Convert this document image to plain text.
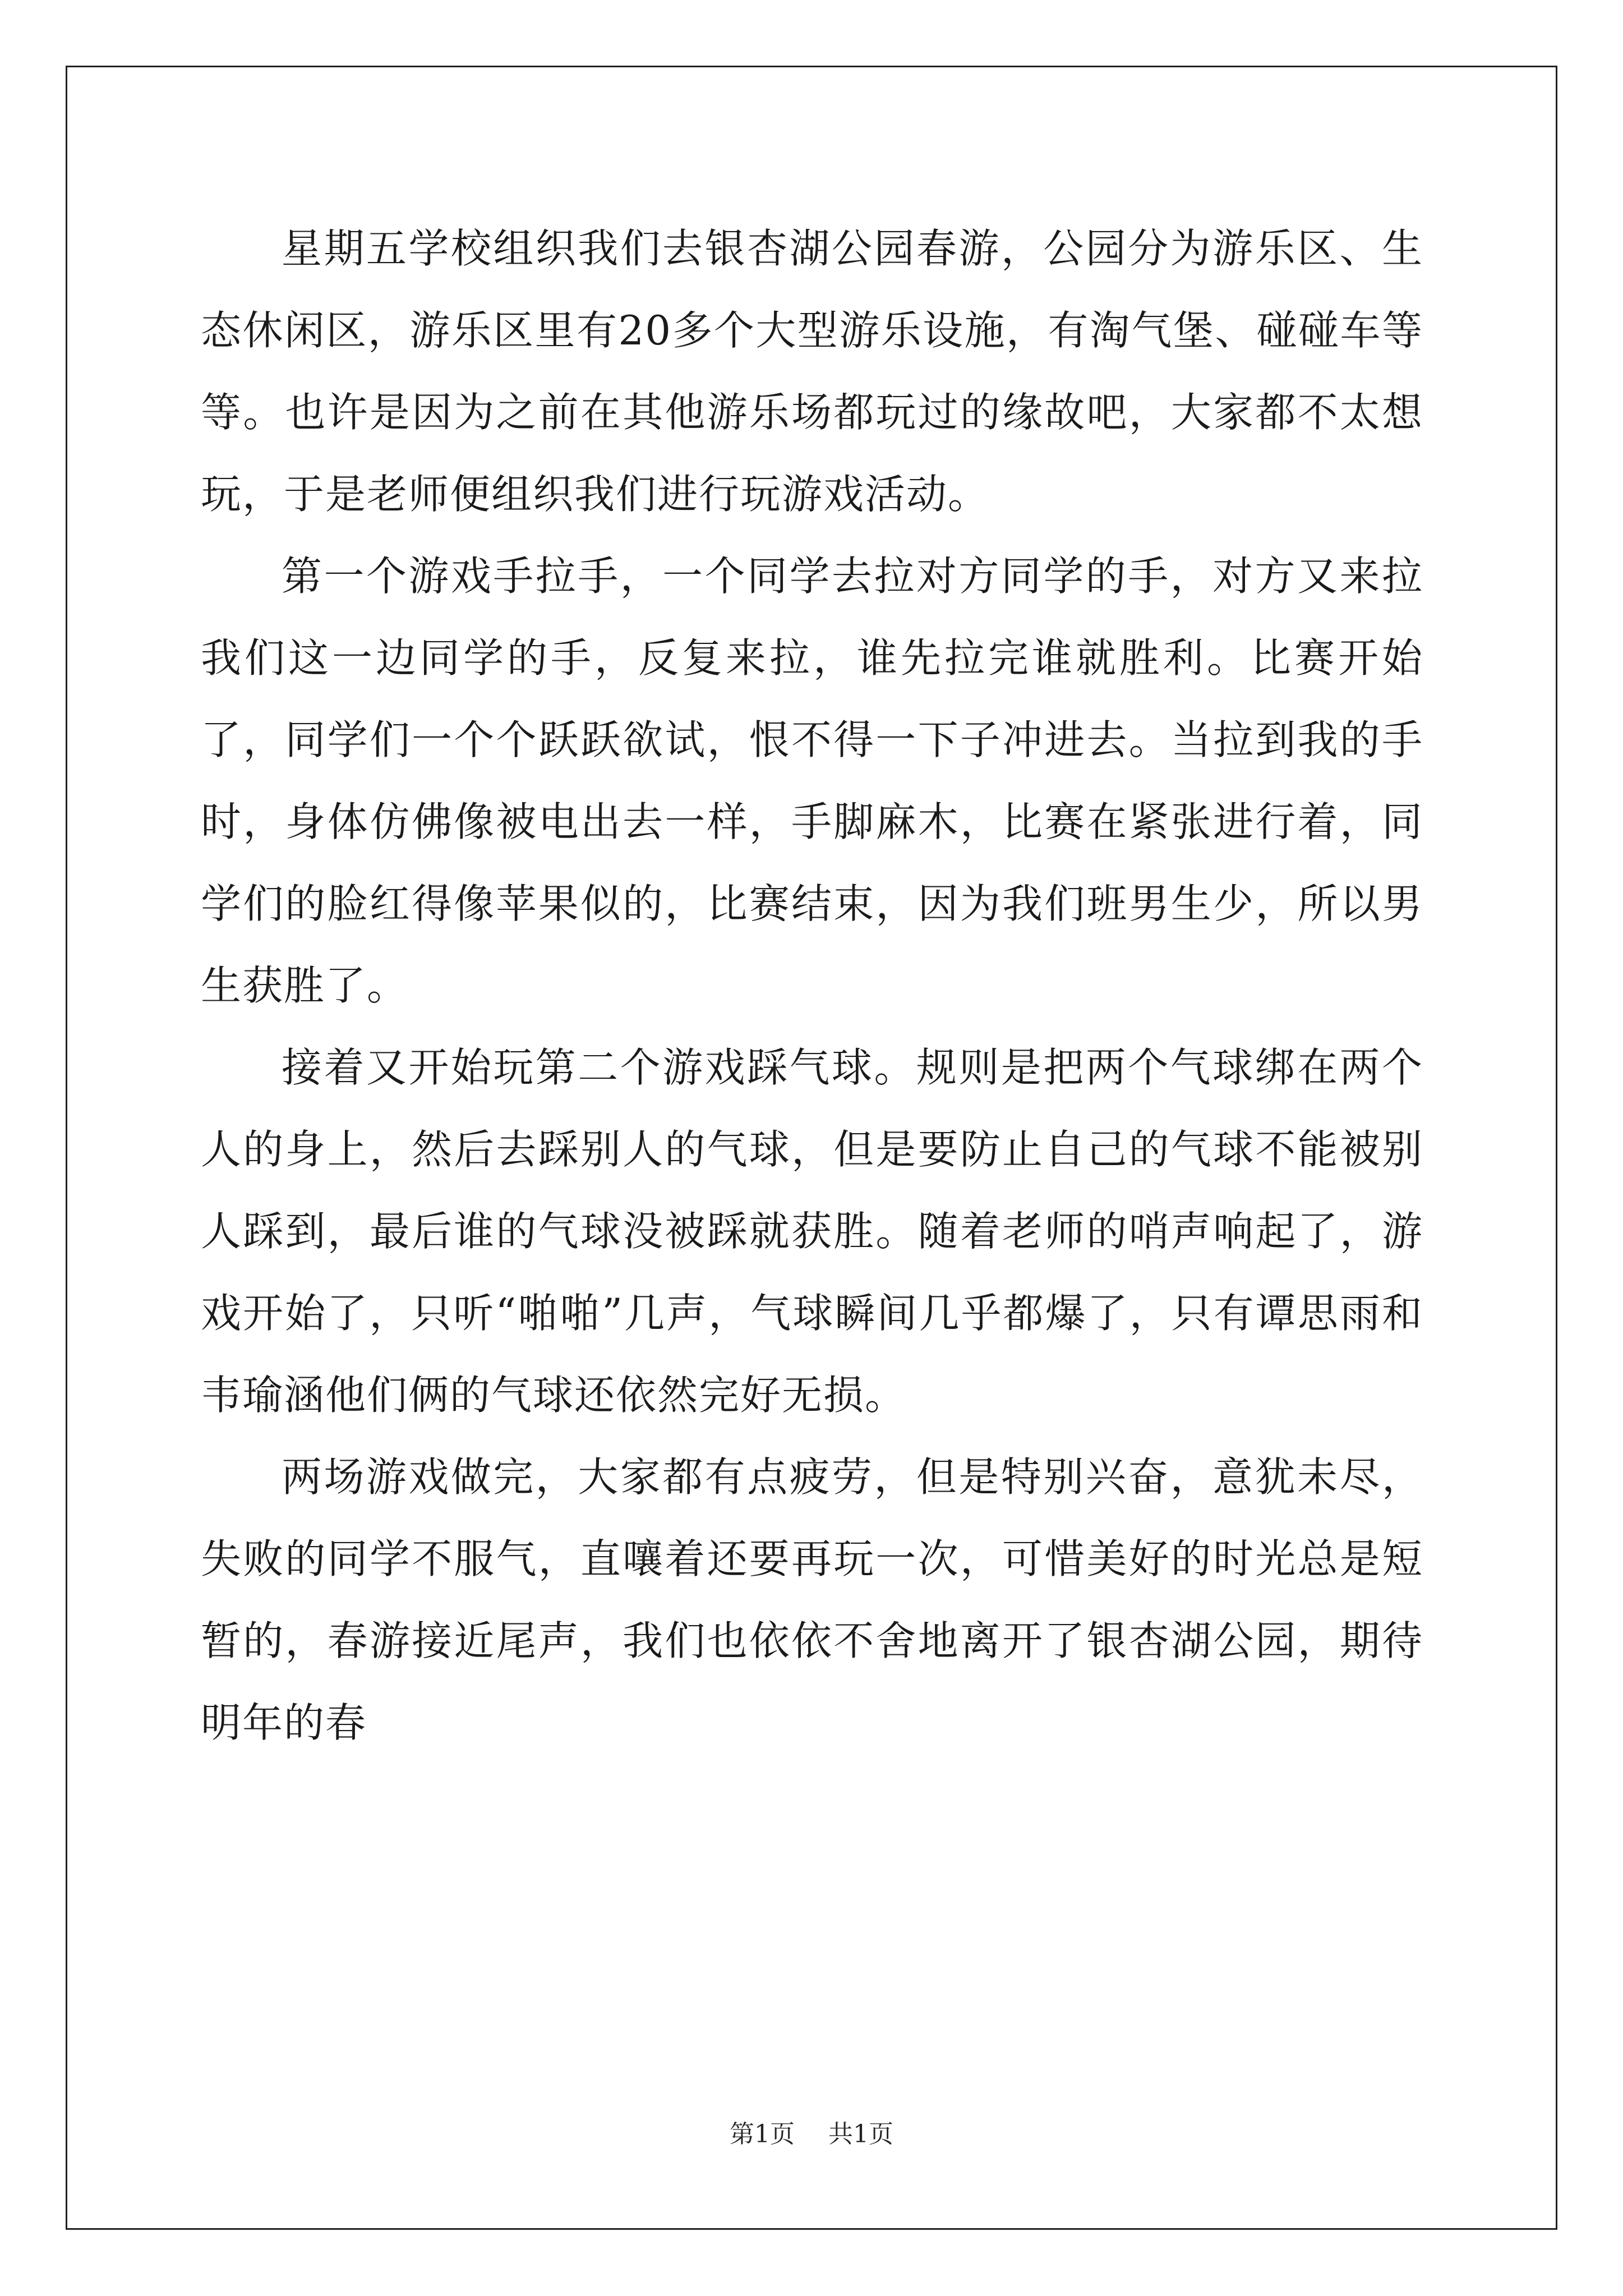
星期五学校组织我们去银杏湖公园春游，公园分为游乐区、生态休闲区，游乐区里有20多个大型游乐设施，有淘气堡、碰碰车等等。也许是因为之前在其他游乐场都玩过的缘故吧，大家都不太想玩，于是老师便组织我们进行玩游戏活动。

第一个游戏手拉手，一个同学去拉对方同学的手，对方又来拉我们这一边同学的手，反复来拉，谁先拉完谁就胜利。比赛开始了，同学们一个个跃跃欲试，恨不得一下子冲进去。当拉到我的手时，身体仿佛像被电出去一样，手脚麻木，比赛在紧张进行着，同学们的脸红得像苹果似的，比赛结束，因为我们班男生少，所以男生获胜了。

接着又开始玩第二个游戏踩气球。规则是把两个气球绑在两个人的身上，然后去踩别人的气球，但是要防止自己的气球不能被别人踩到，最后谁的气球没被踩就获胜。随着老师的哨声响起了，游戏开始了，只听“啪啪”几声，气球瞬间几乎都爆了，只有谭思雨和韦瑜涵他们俩的气球还依然完好无损。

两场游戏做完，大家都有点疲劳，但是特别兴奋，意犹未尽，失败的同学不服气，直嚷着还要再玩一次，可惜美好的时光总是短暂的，春游接近尾声，我们也依依不舍地离开了银杏湖公园，期待明年的春

第1页 共1页
